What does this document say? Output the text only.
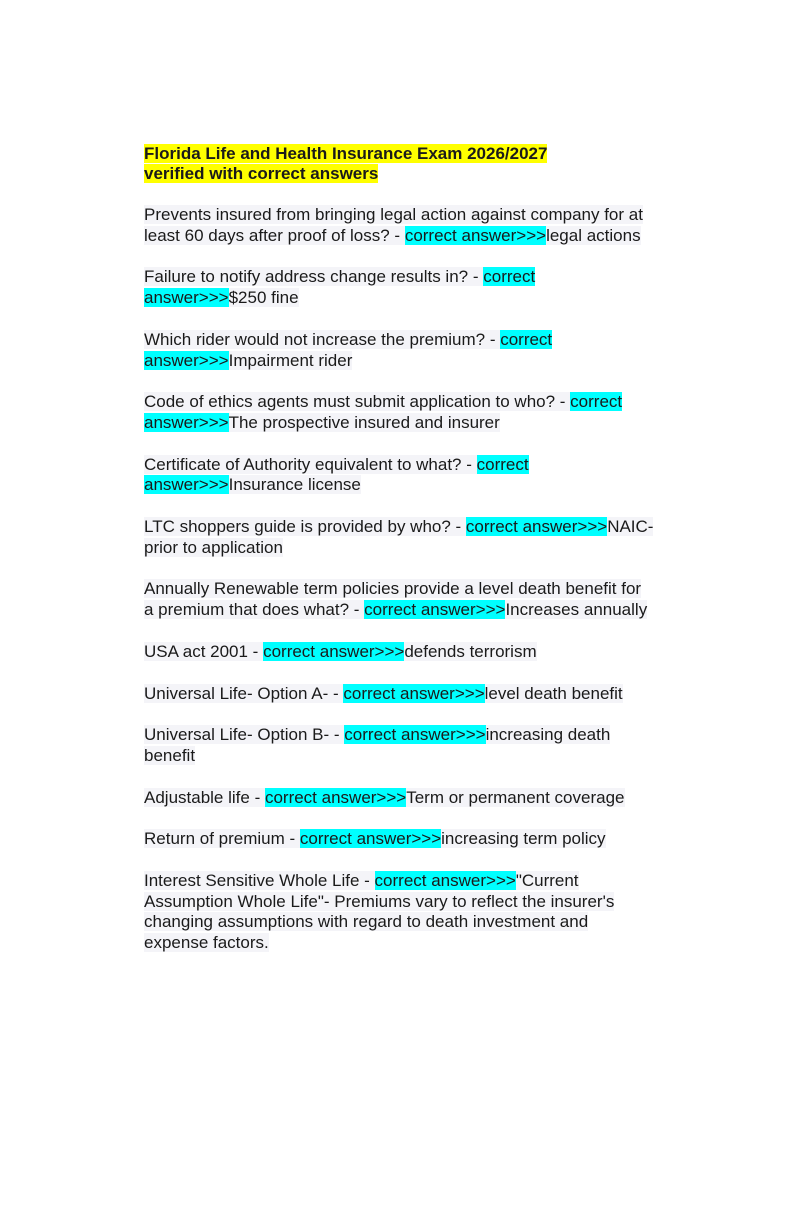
Florida Life and Health Insurance Exam 2026/2027
verified with correct answers
Prevents insured from bringing legal action against company for at least 60 days after proof of loss? - correct answer>>>legal actions
Failure to notify address change results in? - correct answer>>>$250 fine
Which rider would not increase the premium? - correct answer>>>Impairment rider
Code of ethics agents must submit application to who? - correct answer>>>The prospective insured and insurer
Certificate of Authority equivalent to what? - correct answer>>>Insurance license
LTC shoppers guide is provided by who? - correct answer>>>NAIC- prior to application
Annually Renewable term policies provide a level death benefit for a premium that does what? - correct answer>>>Increases annually
USA act 2001 - correct answer>>>defends terrorism
Universal Life- Option A- - correct answer>>>level death benefit
Universal Life- Option B- - correct answer>>>increasing death benefit
Adjustable life - correct answer>>>Term or permanent coverage
Return of premium - correct answer>>>increasing term policy
Interest Sensitive Whole Life - correct answer>>>"Current Assumption Whole Life"- Premiums vary to reflect the insurer's changing assumptions with regard to death investment and expense factors.
